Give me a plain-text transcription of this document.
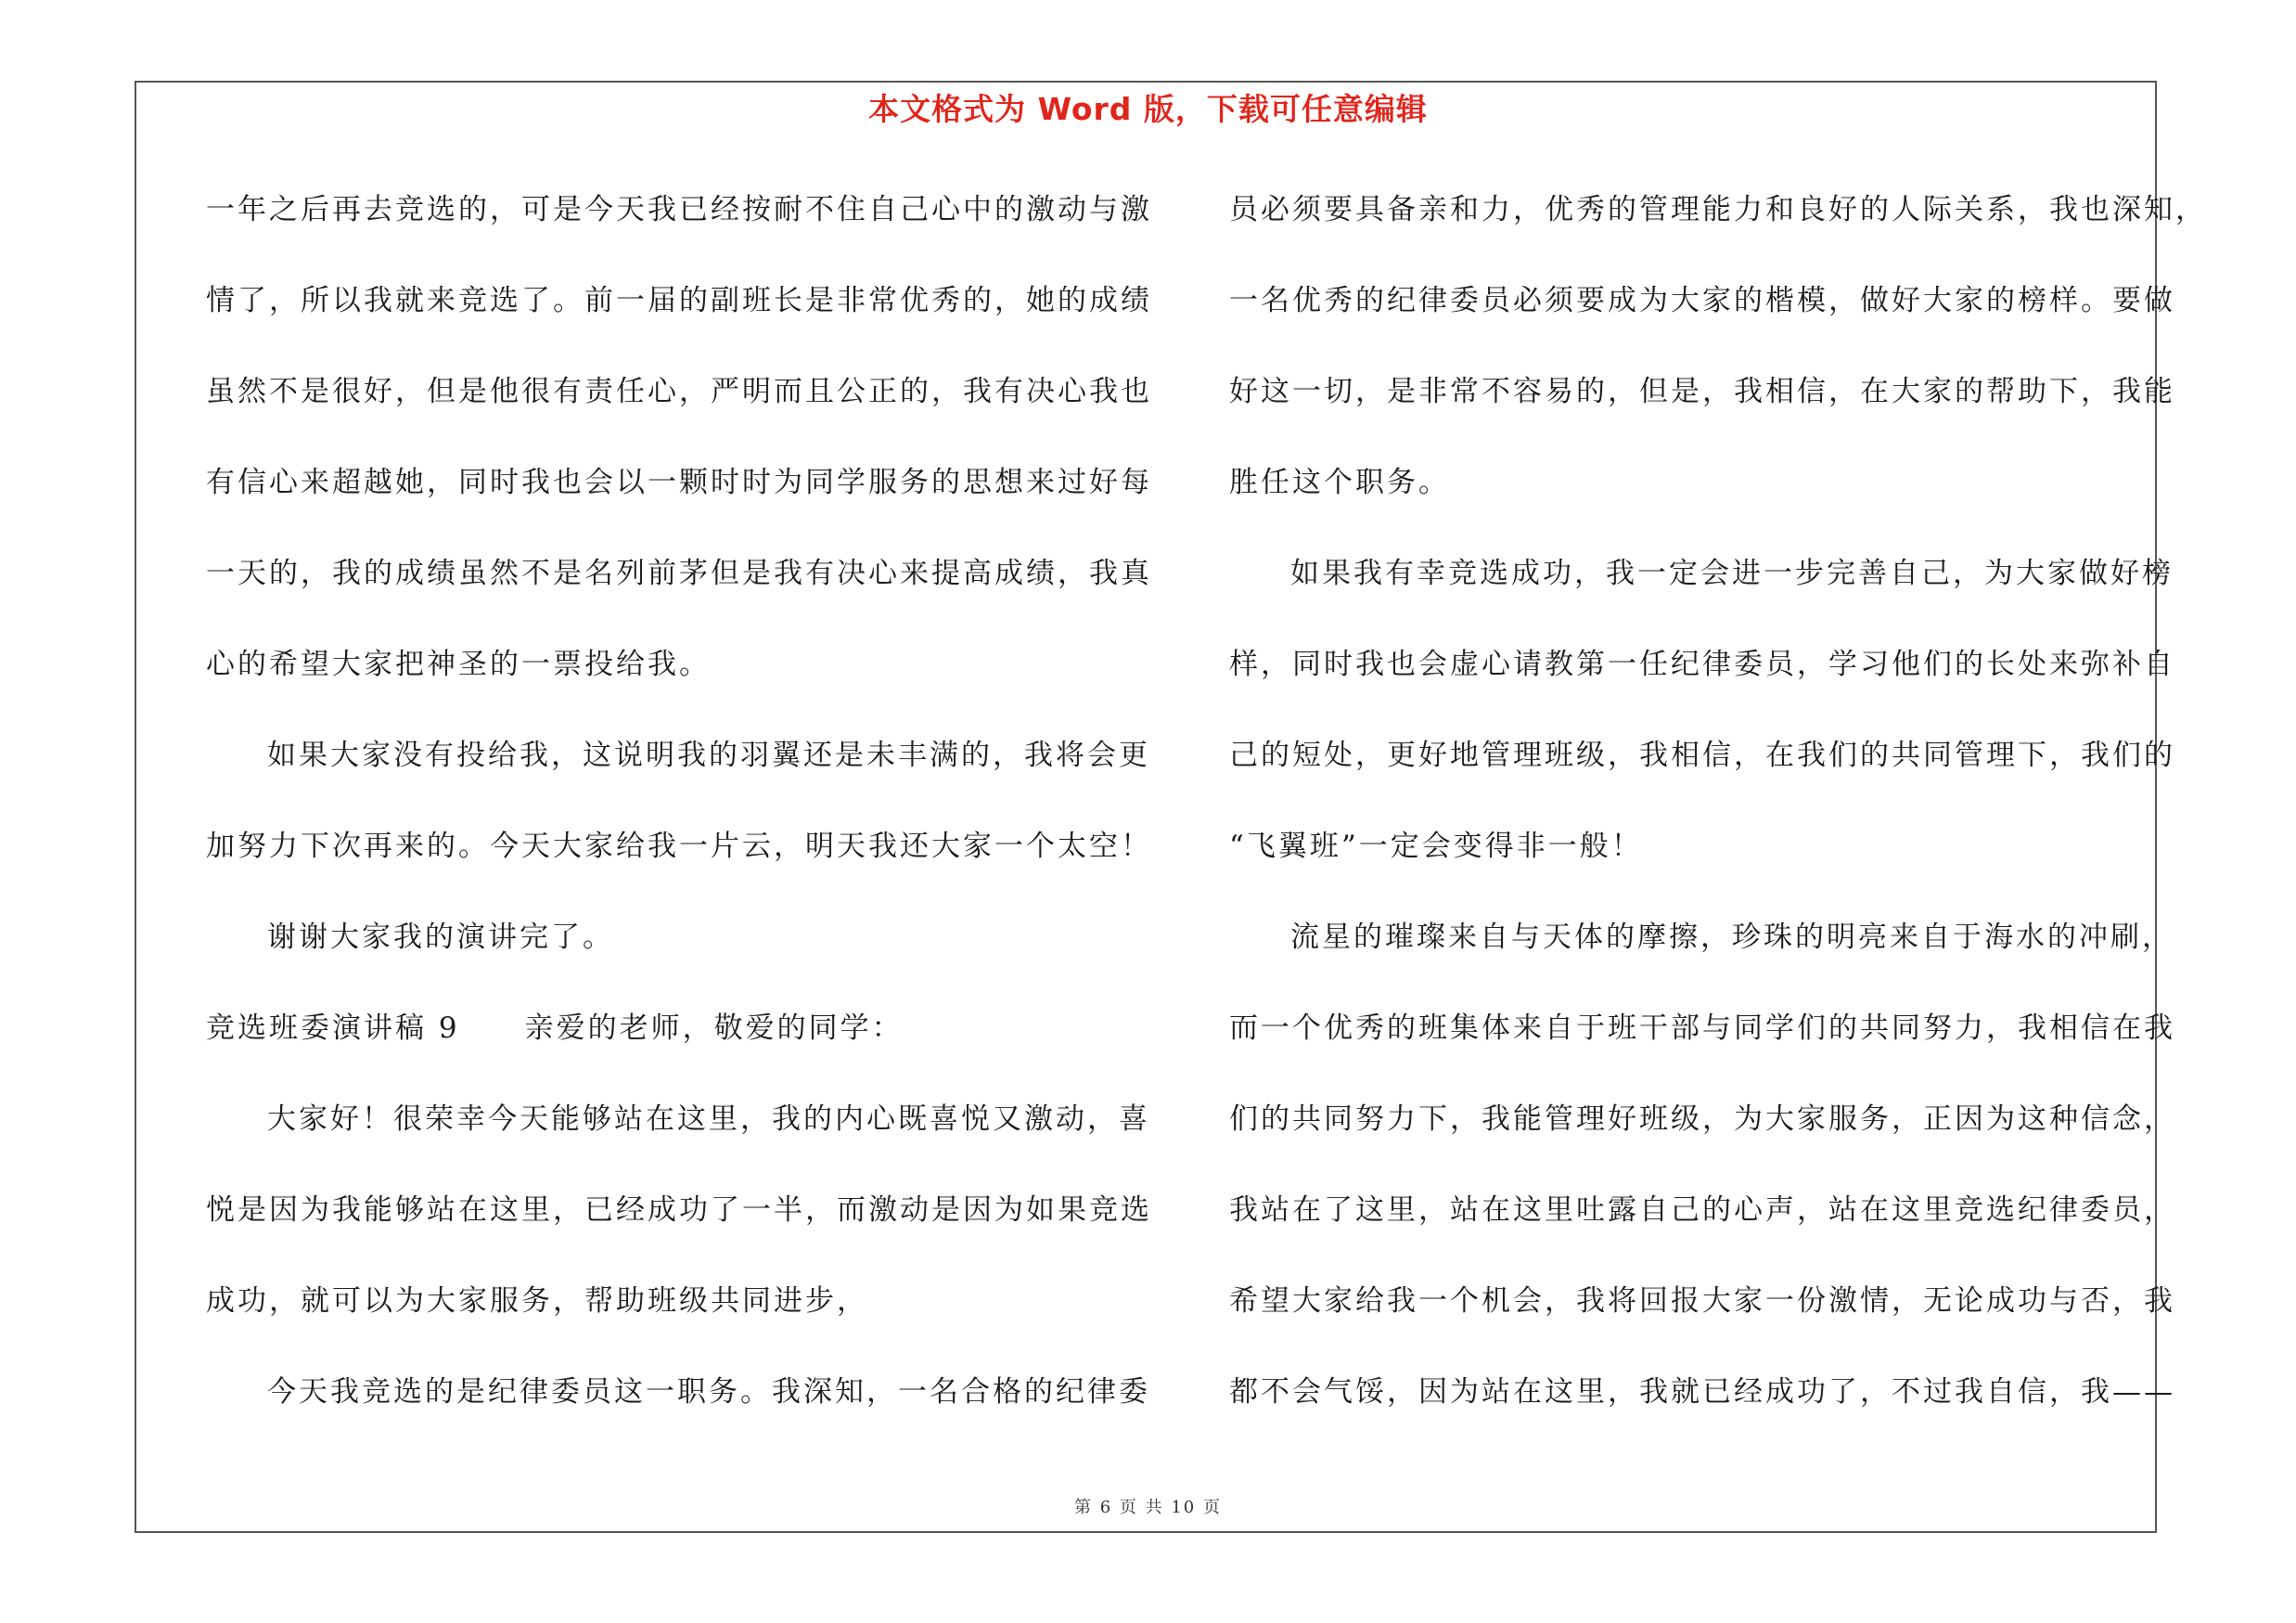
本文格式为 Word 版，下载可任意编辑
一年之后再去竞选的，可是今天我已经按耐不住自己心中的激动与激
情了，所以我就来竞选了。前一届的副班长是非常优秀的，她的成绩
虽然不是很好，但是他很有责任心，严明而且公正的，我有决心我也
有信心来超越她，同时我也会以一颗时时为同学服务的思想来过好每
一天的，我的成绩虽然不是名列前茅但是我有决心来提高成绩，我真
心的希望大家把神圣的一票投给我。
如果大家没有投给我，这说明我的羽翼还是未丰满的，我将会更
加努力下次再来的。今天大家给我一片云，明天我还大家一个太空！
谢谢大家我的演讲完了。
竞选班委演讲稿 9 亲爱的老师，敬爱的同学：
大家好！很荣幸今天能够站在这里，我的内心既喜悦又激动，喜
悦是因为我能够站在这里，已经成功了一半，而激动是因为如果竞选
成功，就可以为大家服务，帮助班级共同进步，
今天我竞选的是纪律委员这一职务。我深知，一名合格的纪律委
员必须要具备亲和力，优秀的管理能力和良好的人际关系，我也深知，
一名优秀的纪律委员必须要成为大家的楷模，做好大家的榜样。要做
好这一切，是非常不容易的，但是，我相信，在大家的帮助下，我能
胜任这个职务。
如果我有幸竞选成功，我一定会进一步完善自己，为大家做好榜
样，同时我也会虚心请教第一任纪律委员，学习他们的长处来弥补自
己的短处，更好地管理班级，我相信，在我们的共同管理下，我们的
“飞翼班”一定会变得非一般！
流星的璀璨来自与天体的摩擦，珍珠的明亮来自于海水的冲刷，
而一个优秀的班集体来自于班干部与同学们的共同努力，我相信在我
们的共同努力下，我能管理好班级，为大家服务，正因为这种信念，
我站在了这里，站在这里吐露自己的心声，站在这里竞选纪律委员，
希望大家给我一个机会，我将回报大家一份激情，无论成功与否，我
都不会气馁，因为站在这里，我就已经成功了，不过我自信，我——
第 6 页 共 10 页
